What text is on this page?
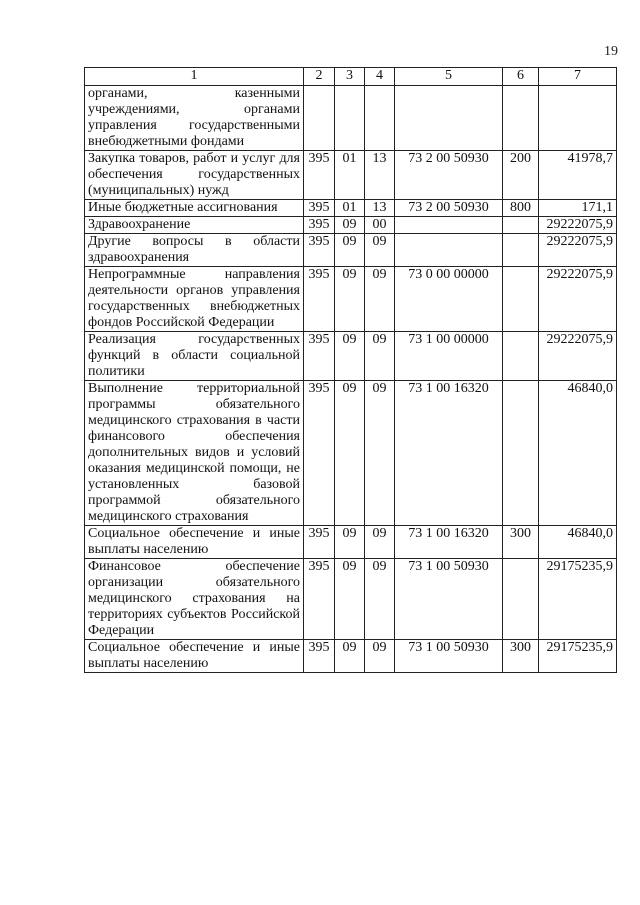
19
1	2	3	4	5	6	7
органами, казенными учреждениями, органами управления государственными внебюджетными фондами						
Закупка товаров, работ и услуг для обеспечения государственных (муниципальных) нужд	395	01	13	73 2 00 50930	200	41978,7
Иные бюджетные ассигнования	395	01	13	73 2 00 50930	800	171,1
Здравоохранение	395	09	00			29222075,9
Другие вопросы в области здравоохранения	395	09	09			29222075,9
Непрограммные направления деятельности органов управления государственных внебюджетных фондов Российской Федерации	395	09	09	73 0 00 00000		29222075,9
Реализация государственных функций в области социальной политики	395	09	09	73 1 00 00000		29222075,9
Выполнение территориальной программы обязательного медицинского страхования в части финансового обеспечения дополнительных видов и условий оказания медицинской помощи, не установленных базовой программой обязательного медицинского страхования	395	09	09	73 1 00 16320		46840,0
Социальное обеспечение и иные выплаты населению	395	09	09	73 1 00 16320	300	46840,0
Финансовое обеспечение организации обязательного медицинского страхования на территориях субъектов Российской Федерации	395	09	09	73 1 00 50930		29175235,9
Социальное обеспечение и иные выплаты населению	395	09	09	73 1 00 50930	300	29175235,9
